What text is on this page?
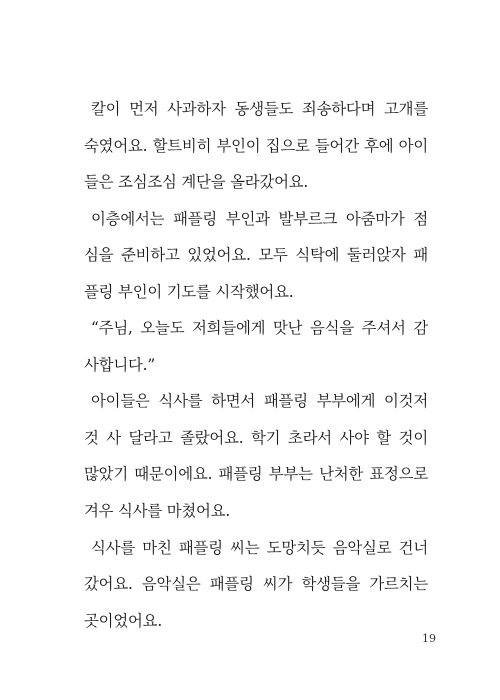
칼이 먼저 사과하자 동생들도 죄송하다며 고개를
숙였어요. 할트비히 부인이 집으로 들어간 후에 아이
들은 조심조심 계단을 올라갔어요.
이층에서는 패플링 부인과 발부르크 아줌마가 점
심을 준비하고 있었어요. 모두 식탁에 둘러앉자 패
플링 부인이 기도를 시작했어요.
“주님, 오늘도 저희들에게 맛난 음식을 주셔서 감
사합니다.”
아이들은 식사를 하면서 패플링 부부에게 이것저
것 사 달라고 졸랐어요. 학기 초라서 사야 할 것이
많았기 때문이에요. 패플링 부부는 난처한 표정으로
겨우 식사를 마쳤어요.
식사를 마친 패플링 씨는 도망치듯 음악실로 건너
갔어요. 음악실은 패플링 씨가 학생들을 가르치는
곳이었어요.
19
